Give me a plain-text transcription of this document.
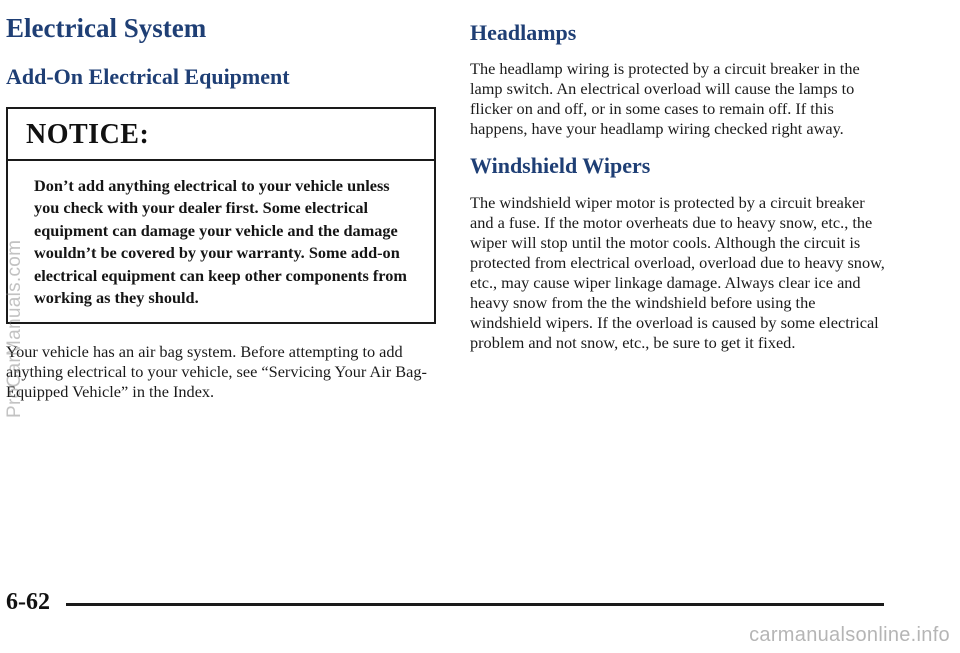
Electrical System
Add-On Electrical Equipment
NOTICE:
Don’t add anything electrical to your vehicle unless you check with your dealer first. Some electrical equipment can damage your vehicle and the damage wouldn’t be covered by your warranty. Some add-on electrical equipment can keep other components from working as they should.

Your vehicle has an air bag system. Before attempting to add anything electrical to your vehicle, see “Servicing Your Air Bag-Equipped Vehicle” in the Index.

Headlamps

The headlamp wiring is protected by a circuit breaker in the lamp switch. An electrical overload will cause the lamps to flicker on and off, or in some cases to remain off. If this happens, have your headlamp wiring checked right away.

Windshield Wipers

The windshield wiper motor is protected by a circuit breaker and a fuse. If the motor overheats due to heavy snow, etc., the wiper will stop until the motor cools. Although the circuit is protected from electrical overload, overload due to heavy snow, etc., may cause wiper linkage damage. Always clear ice and heavy snow from the the windshield before using the windshield wipers. If the overload is caused by some electrical problem and not snow, etc., be sure to get it fixed.

6-62
ProCarManuals.com
carmanualsonline.info
